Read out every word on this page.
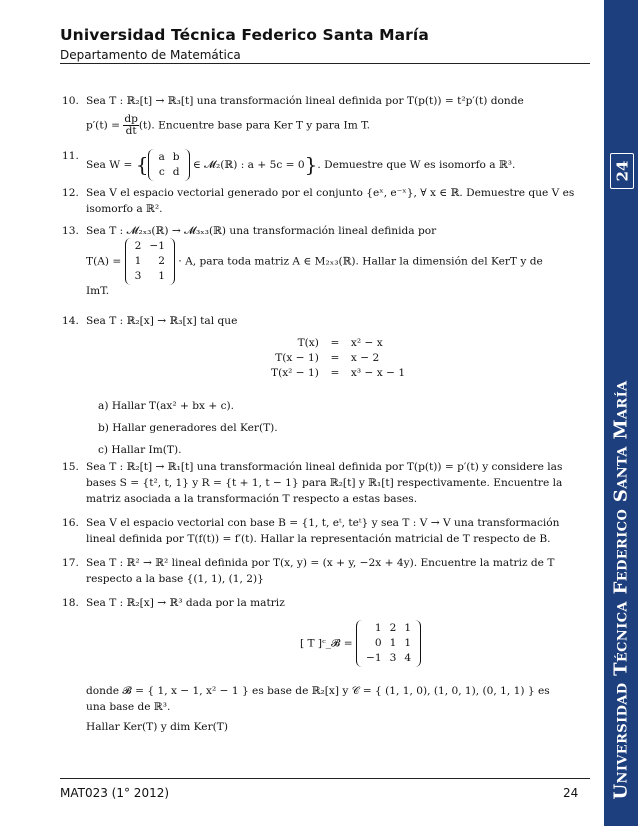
24
Universidad Técnica Federico Santa María
Universidad Técnica Federico Santa María
Departamento de Matemática
10. Sea T : ℝ₂[t] → ℝ₃[t] una transformación lineal definida por T(p(t)) = t²p′(t) donde
$p'(t) = \frac{dp}{dt} (t)$. Encuentre base para Ker T y para Im T.
11.
Sea W = { a	b
c	d ∈ 𝓜₂(ℝ) : a + 5c = 0}. Demuestre que W es isomorfo a ℝ³.
12. Sea V el espacio vectorial generado por el conjunto {eˣ, e⁻ˣ}, ∀ x ∈ ℝ. Demuestre que V es
isomorfo a ℝ².
13. Sea T : 𝓜₂ₓ₃(ℝ) → 𝓜₃ₓ₃(ℝ) una transformación lineal definida por
T(A) = 2	−1
1	2
3	1 · A, para toda matriz A ∈ M₂ₓ₃(ℝ). Hallar la dimensión del KerT y de
ImT.
14. Sea T : ℝ₂[x] → ℝ₃[x] tal que
T(x)	=	x² − x
T(x − 1)	=	x − 2
T(x² − 1)	=	x³ − x − 1
a) Hallar T(ax² + bx + c).
b) Hallar generadores del Ker(T).
c) Hallar Im(T).
15. Sea T : ℝ₂[t] → ℝ₁[t] una transformación lineal definida por T(p(t)) = p′(t) y considere las
bases S = {t², t, 1} y R = {t + 1, t − 1} para ℝ₂[t] y ℝ₁[t] respectivamente. Encuentre la
matriz asociada a la transformación T respecto a estas bases.
16. Sea V el espacio vectorial con base B = {1, t, eᵗ, teᵗ} y sea T : V → V una transformación
lineal definida por T(f(t)) = f′(t). Hallar la representación matricial de T respecto de B.
17. Sea T : ℝ² → ℝ² lineal definida por T(x, y) = (x + y, −2x + 4y). Encuentre la matriz de T
respecto a la base {(1, 1), (1, 2)}
18. Sea T : ℝ₂[x] → ℝ³ dada por la matriz
[ T ]ᶜ_𝓑 = 1	2	1
0	1	1
−1	3	4
donde 𝓑 = { 1, x − 1, x² − 1 } es base de ℝ₂[x] y 𝒞 = { (1, 1, 0), (1, 0, 1), (0, 1, 1) } es
una base de ℝ³.
Hallar Ker(T) y dim Ker(T)
MAT023 (1° 2012)	24
